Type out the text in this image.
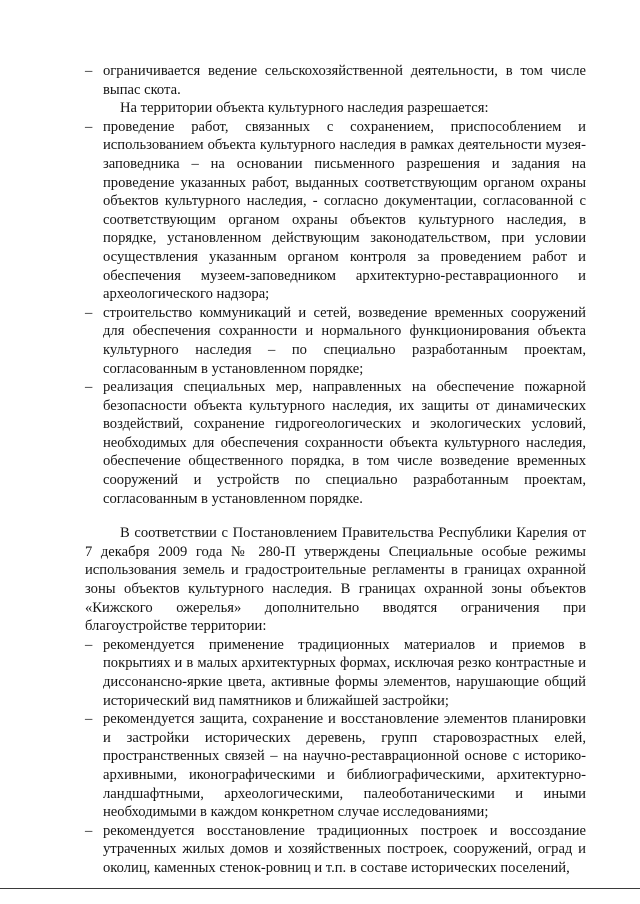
– ограничивается ведение сельскохозяйственной деятельности, в том числе выпас скота.

На территории объекта культурного наследия разрешается:

– проведение работ, связанных с сохранением, приспособлением и использованием объекта культурного наследия в рамках деятельности музея-заповедника – на основании письменного разрешения и задания на проведение указанных работ, выданных соответствующим органом охраны объектов культурного наследия, - согласно документации, согласованной с соответствующим органом охраны объектов культурного наследия, в порядке, установленном действующим законодательством, при условии осуществления указанным органом контроля за проведением работ и обеспечения музеем-заповедником архитектурно-реставрационного и археологического надзора;

– строительство коммуникаций и сетей, возведение временных сооружений для обеспечения сохранности и нормального функционирования объекта культурного наследия – по специально разработанным проектам, согласованным в установленном порядке;

– реализация специальных мер, направленных на обеспечение пожарной безопасности объекта культурного наследия, их защиты от динамических воздействий, сохранение гидрогеологических и экологических условий, необходимых для обеспечения сохранности объекта культурного наследия, обеспечение общественного порядка, в том числе возведение временных сооружений и устройств по специально разработанным проектам, согласованным в установленном порядке.

В соответствии с Постановлением Правительства Республики Карелия от 7 декабря 2009 года № 280-П утверждены Специальные особые режимы использования земель и градостроительные регламенты в границах охранной зоны объектов культурного наследия. В границах охранной зоны объектов «Кижского ожерелья» дополнительно вводятся ограничения при благоустройстве территории:

– рекомендуется применение традиционных материалов и приемов в покрытиях и в малых архитектурных формах, исключая резко контрастные и диссонансно-яркие цвета, активные формы элементов, нарушающие общий исторический вид памятников и ближайшей застройки;

– рекомендуется защита, сохранение и восстановление элементов планировки и застройки исторических деревень, групп старовозрастных елей, пространственных связей – на научно-реставрационной основе с историко-архивными, иконографическими и библиографическими, архитектурно-ландшафтными, археологическими, палеоботаническими и иными необходимыми в каждом конкретном случае исследованиями;

– рекомендуется восстановление традиционных построек и воссоздание утраченных жилых домов и хозяйственных построек, сооружений, оград и околиц, каменных стенок-ровниц и т.п. в составе исторических поселений,
